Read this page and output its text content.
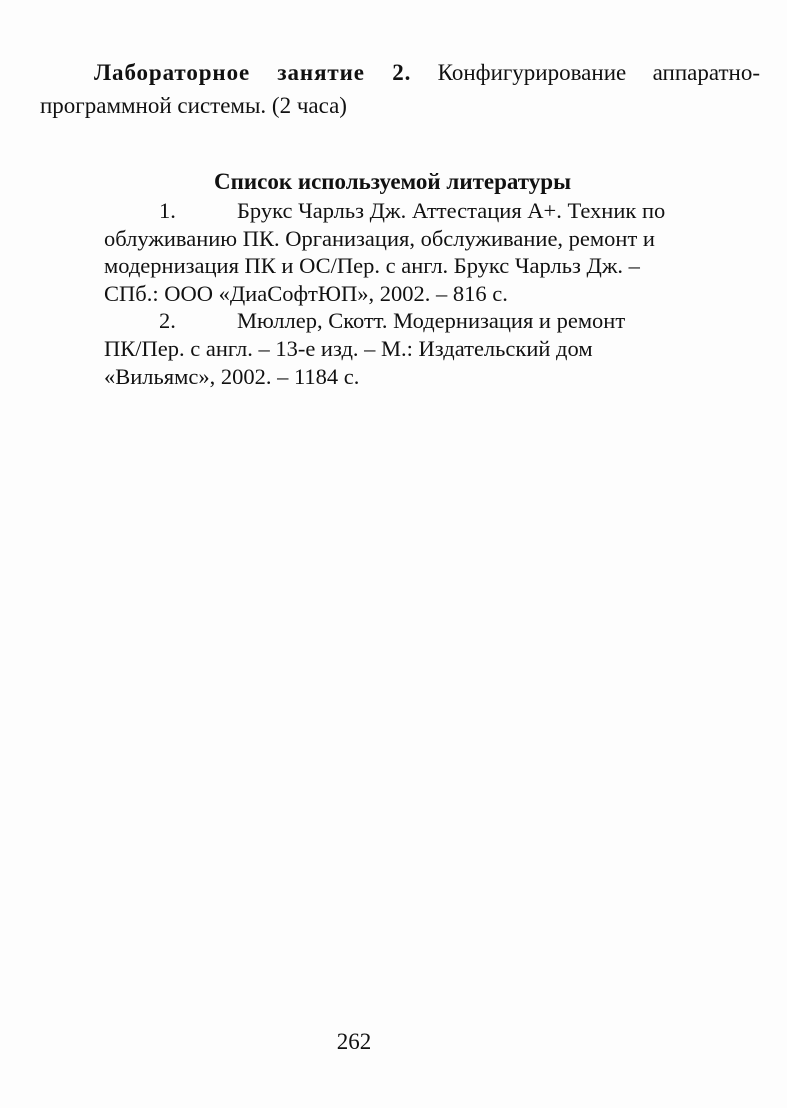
Лабораторное занятие 2. Конфигурирование аппаратно-программной системы. (2 часа)

Список используемой литературы
1.	Брукс Чарльз Дж. Аттестация А+. Техник по
облуживанию ПК. Организация, обслуживание, ремонт и
модернизация ПК и ОС/Пер. с англ. Брукс Чарльз Дж. –
СПб.: ООО «ДиаСофтЮП», 2002. – 816 с.
2.	Мюллер, Скотт. Модернизация и ремонт
ПК/Пер. с англ. – 13-е изд. – М.: Издательский дом
«Вильямс», 2002. – 1184 с.
262
